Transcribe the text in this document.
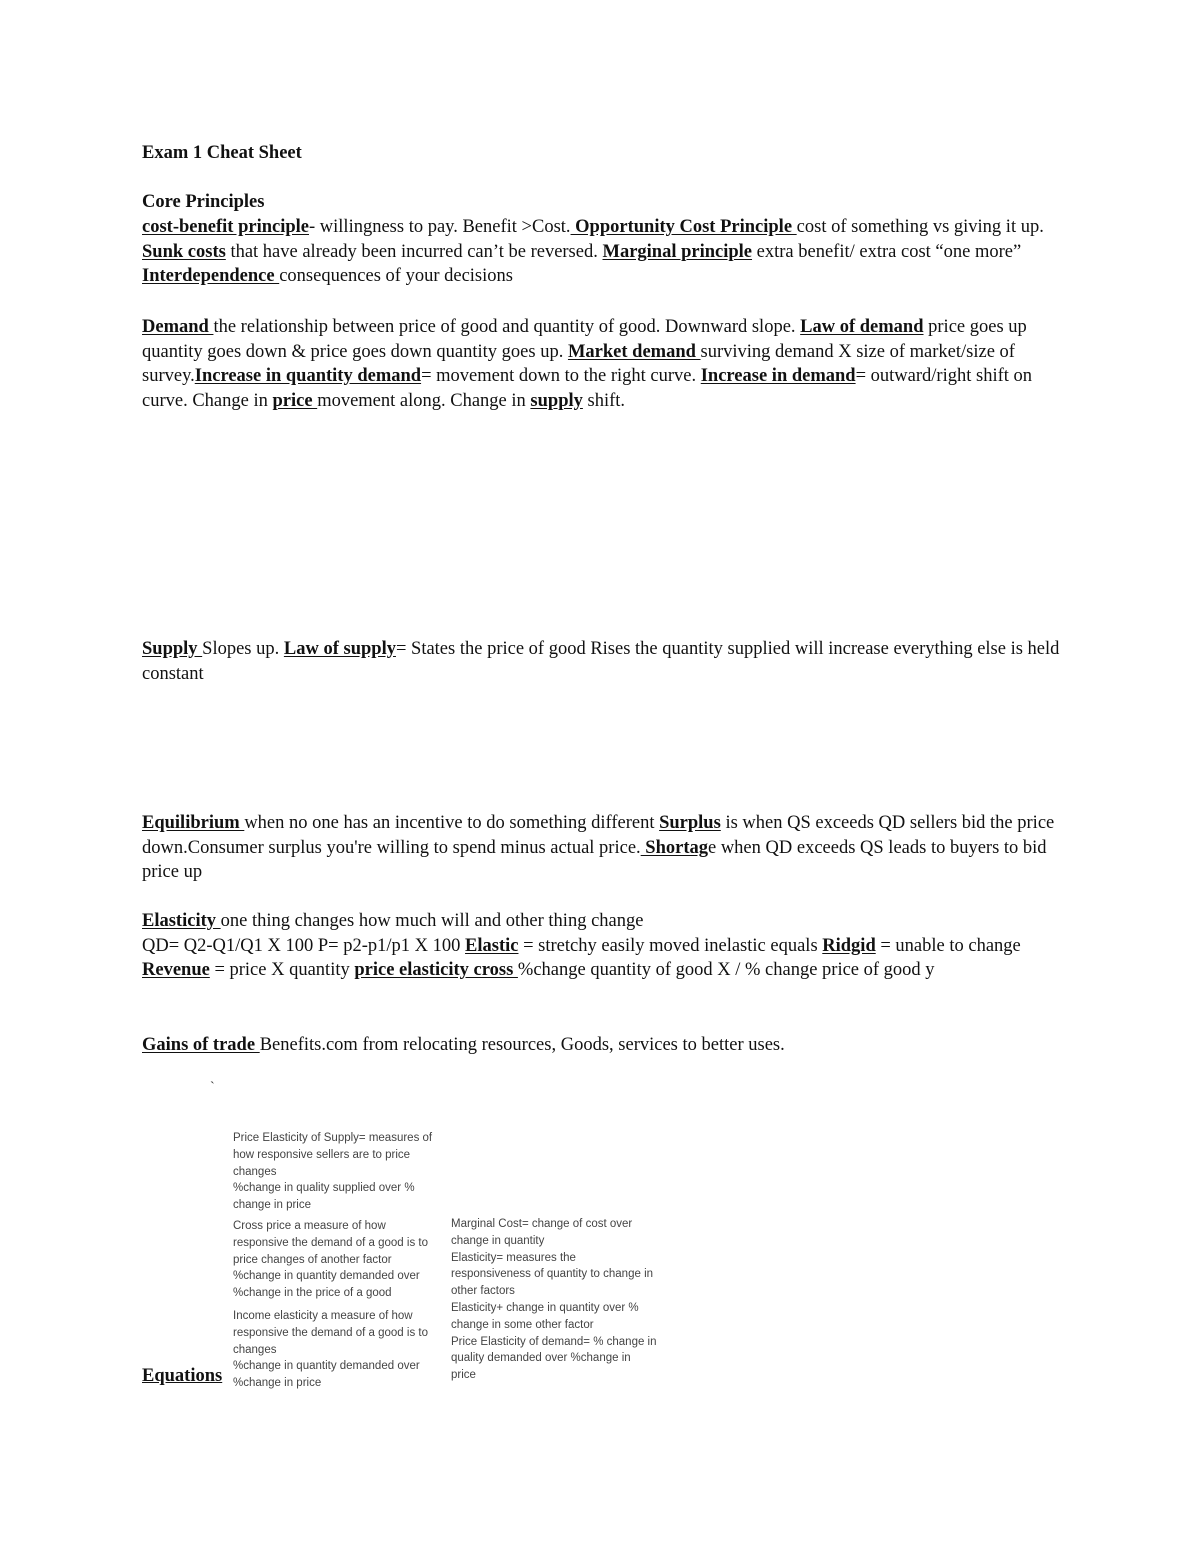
Exam 1 Cheat Sheet
Core Principles
cost-benefit principle- willingness to pay. Benefit >Cost. Opportunity Cost Principle cost of something vs giving it up. Sunk costs that have already been incurred can’t be reversed. Marginal principle extra benefit/ extra cost “one more” Interdependence consequences of your decisions
Demand the relationship between price of good and quantity of good. Downward slope. Law of demand price goes up quantity goes down & price goes down quantity goes up. Market demand surviving demand X size of market/size of survey.Increase in quantity demand= movement down to the right curve. Increase in demand= outward/right shift on curve. Change in price movement along. Change in supply shift.
Supply Slopes up. Law of supply= States the price of good Rises the quantity supplied will increase everything else is held constant
Equilibrium when no one has an incentive to do something different Surplus is when QS exceeds QD sellers bid the price down.Consumer surplus you're willing to spend minus actual price. Shortage when QD exceeds QS leads to buyers to bid price up
Elasticity one thing changes how much will and other thing change
QD= Q2-Q1/Q1 X 100 P= p2-p1/p1 X 100 Elastic = stretchy easily moved inelastic equals Ridgid = unable to change Revenue = price X quantity price elasticity cross %change quantity of good X / % change price of good y
Gains of trade Benefits.com from relocating resources, Goods, services to better uses.
`
Price Elasticity of Supply= measures of
how responsive sellers are to price
changes
%change in quality supplied over %
change in price
Cross price a measure of how
responsive the demand of a good is to
price changes of another factor
%change in quantity demanded over
%change in the price of a good
Income elasticity a measure of how
responsive the demand of a good is to
changes
%change in quantity demanded over
%change in price
Marginal Cost= change of cost over
change in quantity
Elasticity= measures the
responsiveness of quantity to change in
other factors
Elasticity+ change in quantity over %
change in some other factor
Price Elasticity of demand= % change in
quality demanded over %change in
price
Equations
